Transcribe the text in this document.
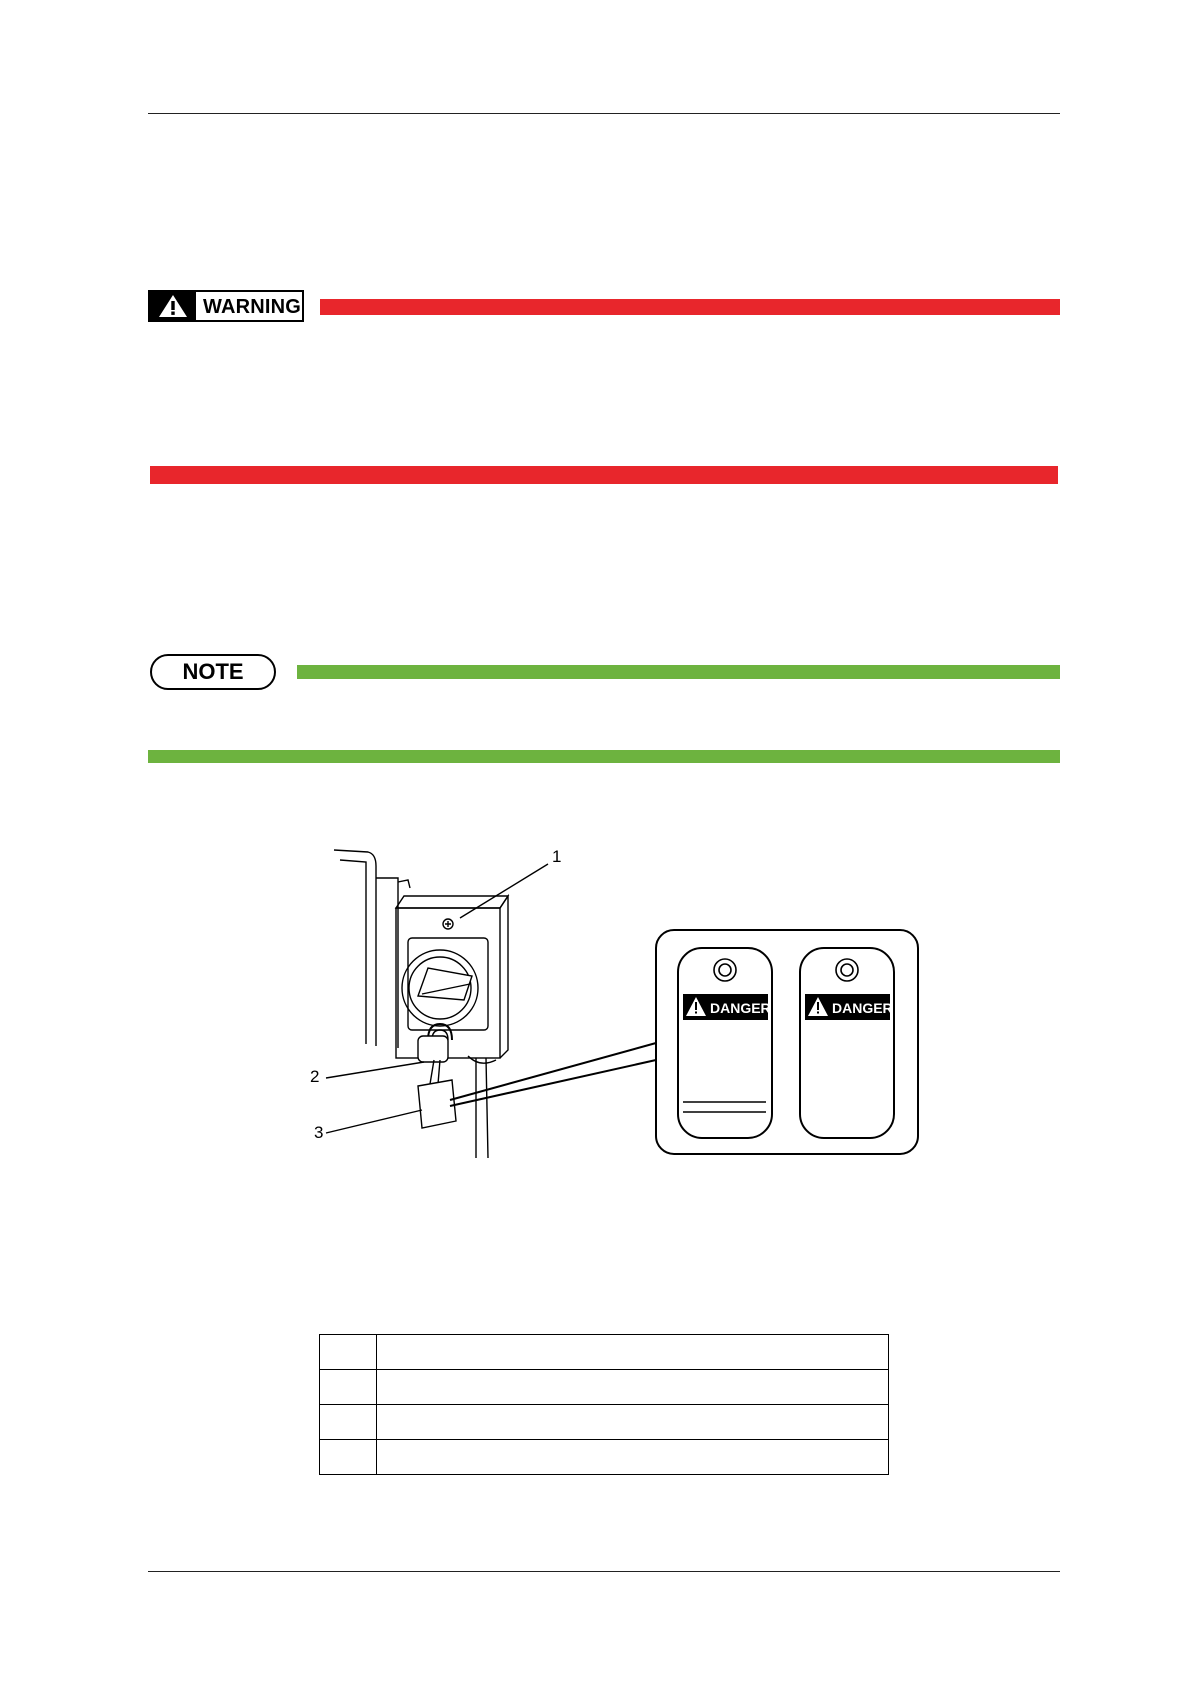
WARNING
NOTE
DANGER	DANGER
1
2
3
